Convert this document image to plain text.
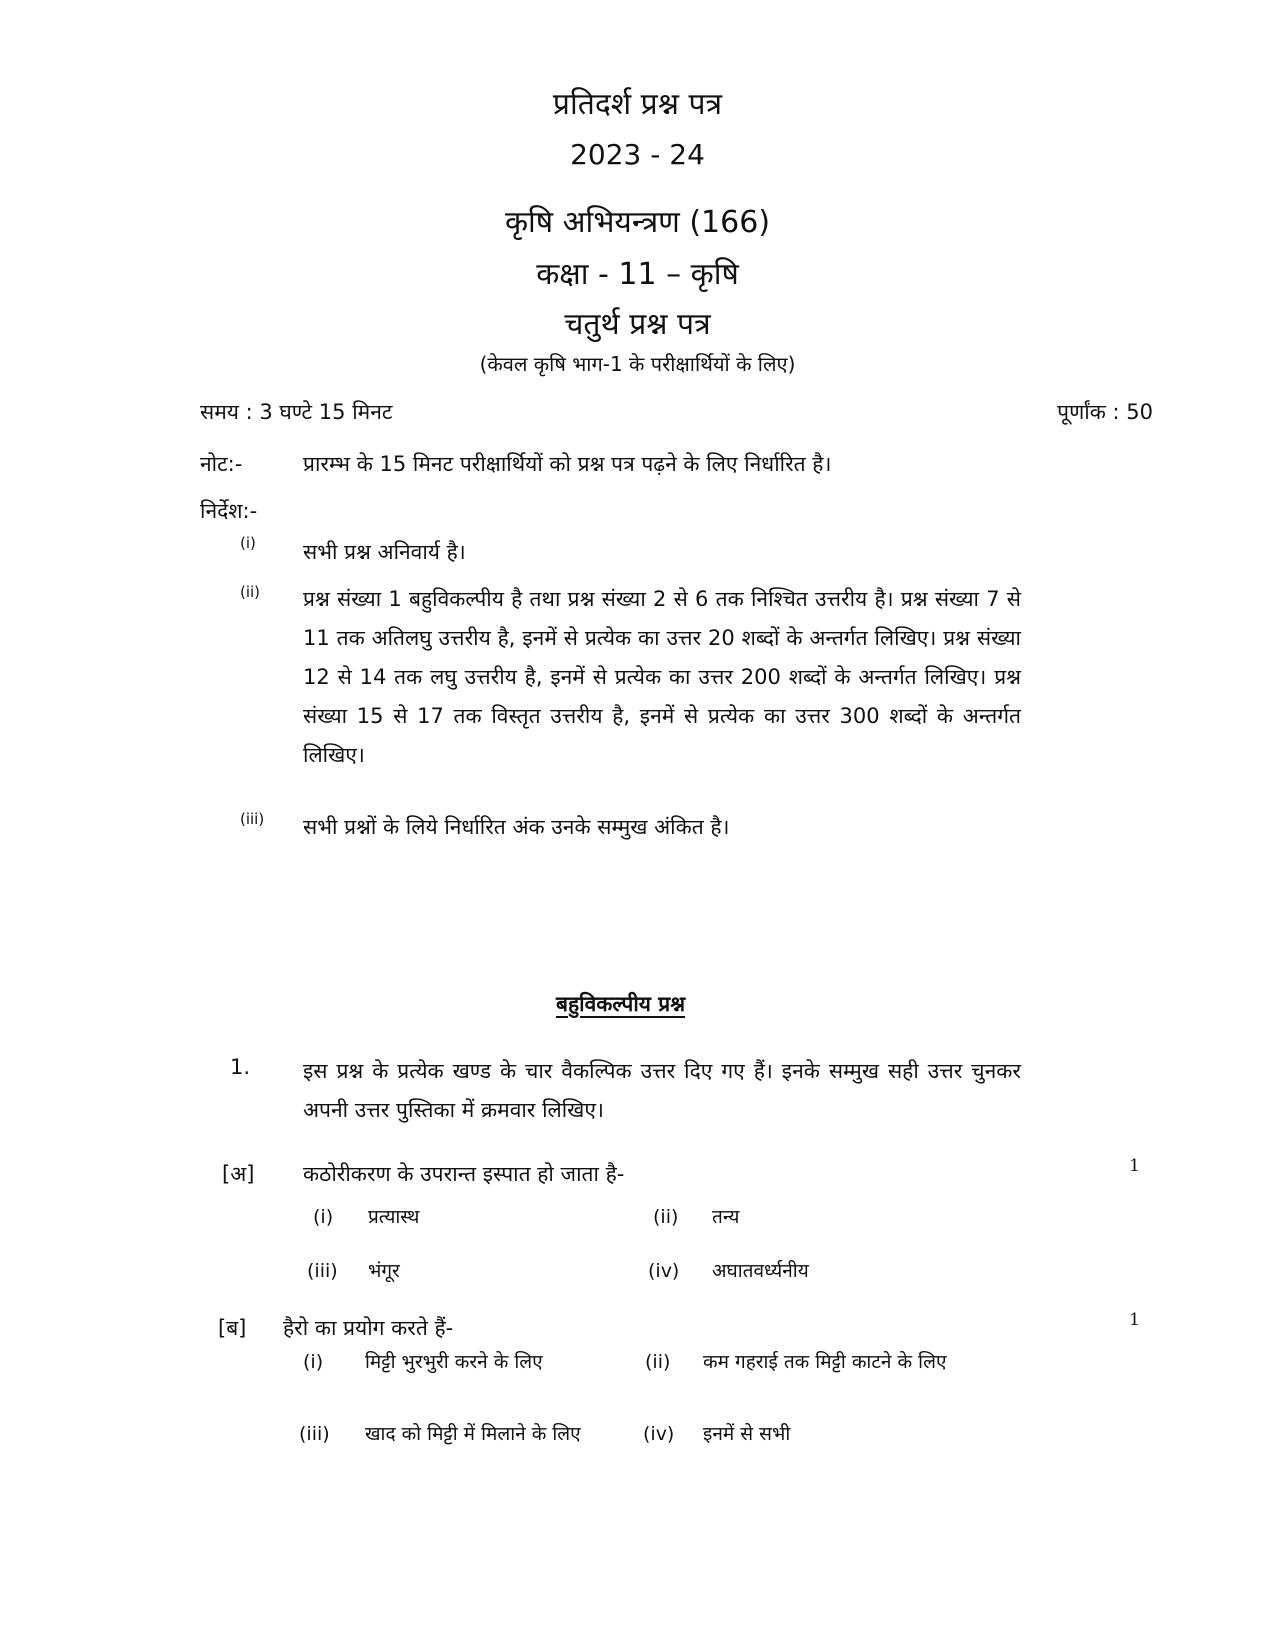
प्रतिदर्श प्रश्न पत्र
2023 - 24
कृषि अभियन्त्रण (166)
कक्षा - 11 – कृषि
चतुर्थ प्रश्न पत्र
(केवल कृषि भाग-1 के परीक्षार्थियों के लिए)
समय : 3 घण्टे 15 मिनट	पूर्णांक : 50
नोट:-	प्रारम्भ के 15 मिनट परीक्षार्थियों को प्रश्न पत्र पढ़ने के लिए निर्धारित है।
निर्देश:-
(i) सभी प्रश्न अनिवार्य है।
(ii) प्रश्न संख्या 1 बहुविकल्पीय है तथा प्रश्न संख्या 2 से 6 तक निश्चित उत्तरीय है। प्रश्न संख्या 7 से 11 तक अतिलघु उत्तरीय है, इनमें से प्रत्येक का उत्तर 20 शब्दों के अन्तर्गत लिखिए। प्रश्न संख्या 12 से 14 तक लघु उत्तरीय है, इनमें से प्रत्येक का उत्तर 200 शब्दों के अन्तर्गत लिखिए। प्रश्न संख्या 15 से 17 तक विस्तृत उत्तरीय है, इनमें से प्रत्येक का उत्तर 300 शब्दों के अन्तर्गत लिखिए।
(iii) सभी प्रश्नों के लिये निर्धारित अंक उनके सम्मुख अंकित है।
बहुविकल्पीय प्रश्न
1.	इस प्रश्न के प्रत्येक खण्ड के चार वैकल्पिक उत्तर दिए गए हैं। इनके सम्मुख सही उत्तर चुनकर अपनी उत्तर पुस्तिका में क्रमवार लिखिए।
[अ] कठोरीकरण के उपरान्त इस्पात हो जाता है-	1
(i) प्रत्यास्थ	(ii) तन्य
(iii) भंगूर	(iv) अघातवर्ध्यनीय
[ब] हैरो का प्रयोग करते हैं-	1
(i) मिट्टी भुरभुरी करने के लिए	(ii) कम गहराई तक मिट्टी काटने के लिए
(iii) खाद को मिट्टी में मिलाने के लिए	(iv) इनमें से सभी
